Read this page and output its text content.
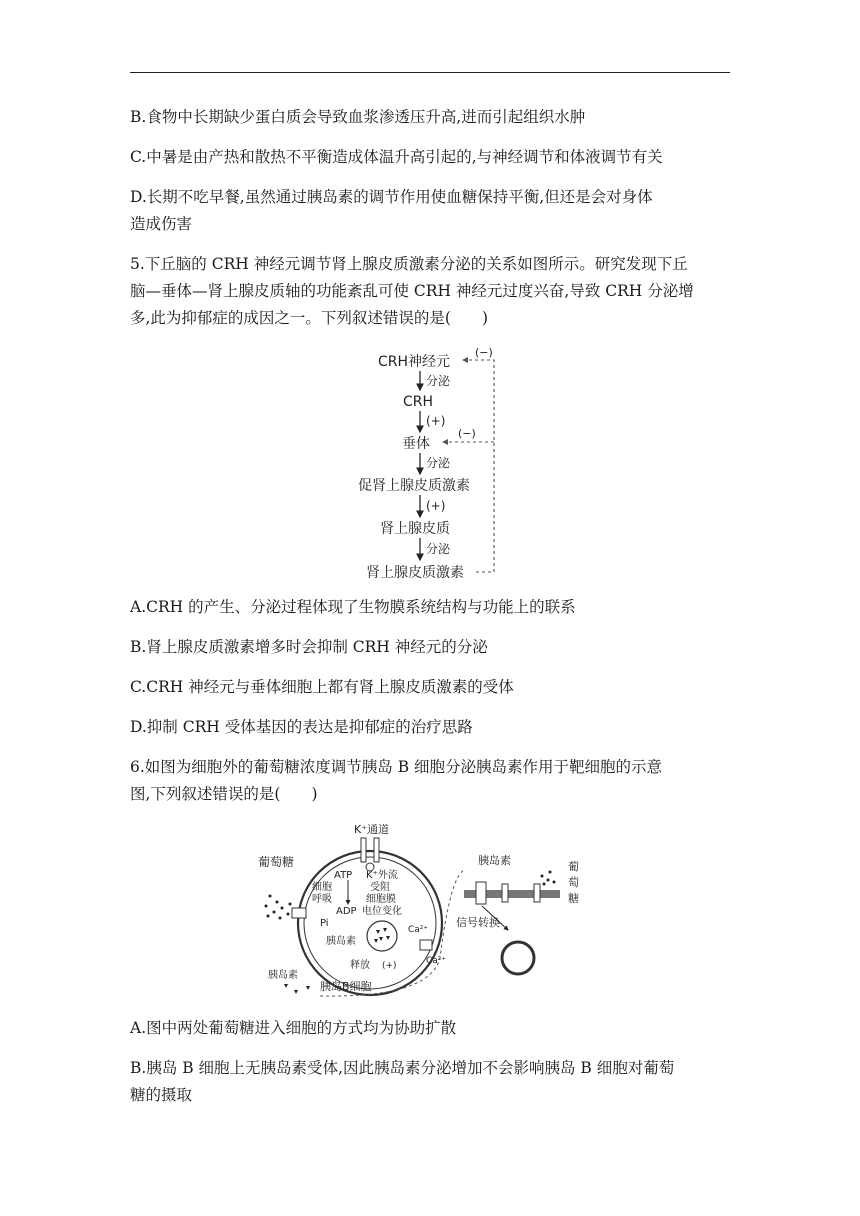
B.食物中长期缺少蛋白质会导致血浆渗透压升高,进而引起组织水肿
C.中暑是由产热和散热不平衡造成体温升高引起的,与神经调节和体液调节有关
D.长期不吃早餐,虽然通过胰岛素的调节作用使血糖保持平衡,但还是会对身体
造成伤害
5.下丘脑的 CRH 神经元调节肾上腺皮质激素分泌的关系如图所示。研究发现下丘
脑—垂体—肾上腺皮质轴的功能紊乱可使 CRH 神经元过度兴奋,导致 CRH 分泌增
多,此为抑郁症的成因之一。下列叙述错误的是(　　)
CRH神经元
分泌
CRH
(+)
垂体
分泌
促肾上腺皮质激素
(+)
肾上腺皮质
分泌
肾上腺皮质激素
(−)
(−)
A.CRH 的产生、分泌过程体现了生物膜系统结构与功能上的联系
B.肾上腺皮质激素增多时会抑制 CRH 神经元的分泌
C.CRH 神经元与垂体细胞上都有肾上腺皮质激素的受体
D.抑制 CRH 受体基因的表达是抑郁症的治疗思路
6.如图为细胞外的葡萄糖浓度调节胰岛 B 细胞分泌胰岛素作用于靶细胞的示意
图,下列叙述错误的是(　　)
K⁺通道
ATP K⁺外流
受阻
细胞膜
电位变化
细胞
呼吸
ADP
Pi
葡萄糖
胰岛素
Ca²⁺
释放 (+)	Ca²⁺
胰岛素
胰岛B细胞
胰岛素
信号转换
葡
萄
糖
A.图中两处葡萄糖进入细胞的方式均为协助扩散
B.胰岛 B 细胞上无胰岛素受体,因此胰岛素分泌增加不会影响胰岛 B 细胞对葡萄
糖的摄取
